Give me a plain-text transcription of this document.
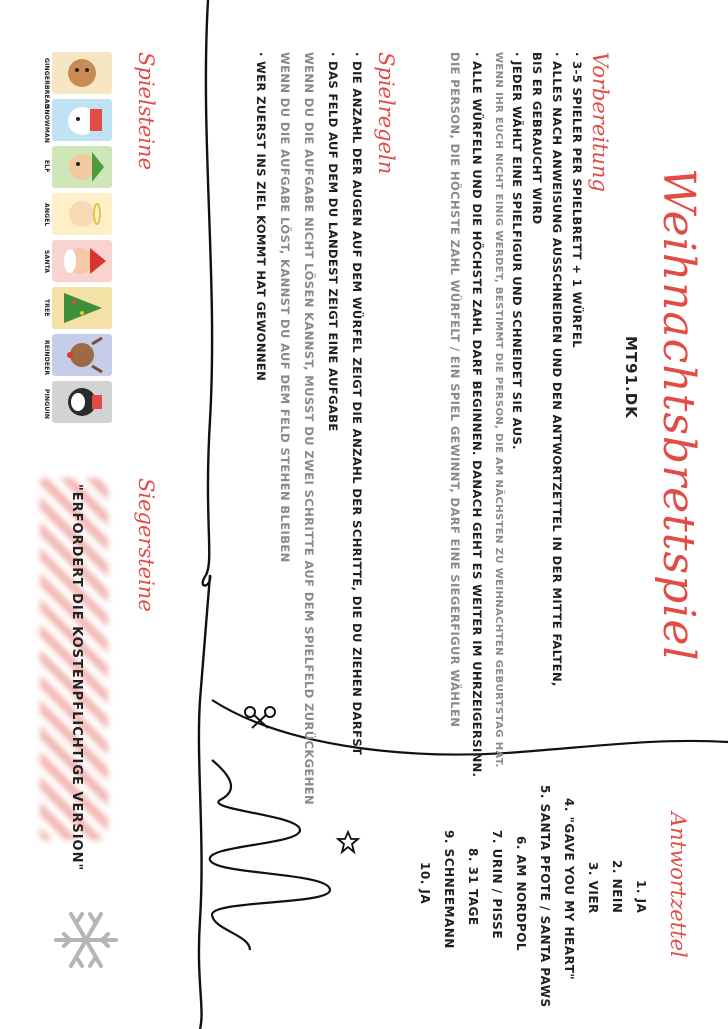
Weihnachtsbrettspiel
MT91.DK
Vorbereitung
· 3-5 SPIELER PER SPIELBRETT + 1 WÜRFEL
· ALLES NACH ANWEISUNG AUSSCHNEIDEN UND DEN ANTWORTZETTEL IN DER MITTE FALTEN,
BIS ER GEBRAUCHT WIRD
· JEDER WÄHLT EINE SPIELFIGUR UND SCHNEIDET SIE AUS.
WENN IHR EUCH NICHT EINIG WERDET, BESTIMMT DIE PERSON, DIE AM NÄCHSTEN ZU WEIHNACHTEN GEBURTSTAG HAT.
· ALLE WÜRFELN UND DIE HÖCHSTE ZAHL DARF BEGINNEN. DANACH GEHT ES WEITER IM UHRZEIGERSINN.
DIE PERSON, DIE HÖCHSTE ZAHL WÜRFELT / EIN SPIEL GEWINNT, DARF EINE SIEGERFIGUR WÄHLEN
Spielregeln
· DIE ANZAHL DER AUGEN AUF DEM WÜRFEL ZEIGT DIE ANZAHL DER SCHRITTE, DIE DU ZIEHEN DARFST
· DAS FELD AUF DEM DU LANDEST ZEIGT EINE AUFGABE
WENN DU DIE AUFGABE NICHT LÖSEN KANNST, MUSST DU ZWEI SCHRITTE AUF DEM SPIELFELD ZURÜCKGEHEN
WENN DU DIE AUFGABE LÖST, KANNST DU AUF DEM FELD STEHEN BLEIBEN
· WER ZUERST INS ZIEL KOMMT HAT GEWONNEN
Spielsteine
GINGERBREAD
SNOWMAN
ELF
ANGEL
SANTA
TREE
REINDEER
PINGUIN
Siegersteine
"ERFORDERT DIE KOSTENPFLICHTIGE VERSION"
Antwortzettel
1. JA
2. NEIN
3. VIER
4. "GAVE YOU MY HEART"
5. SANTA PFOTE / SANTA PAWS
6. AM NORDPOL
7. URIN / PISSE
8. 31 TAGE
9. SCHNEEMANN
10. JA
